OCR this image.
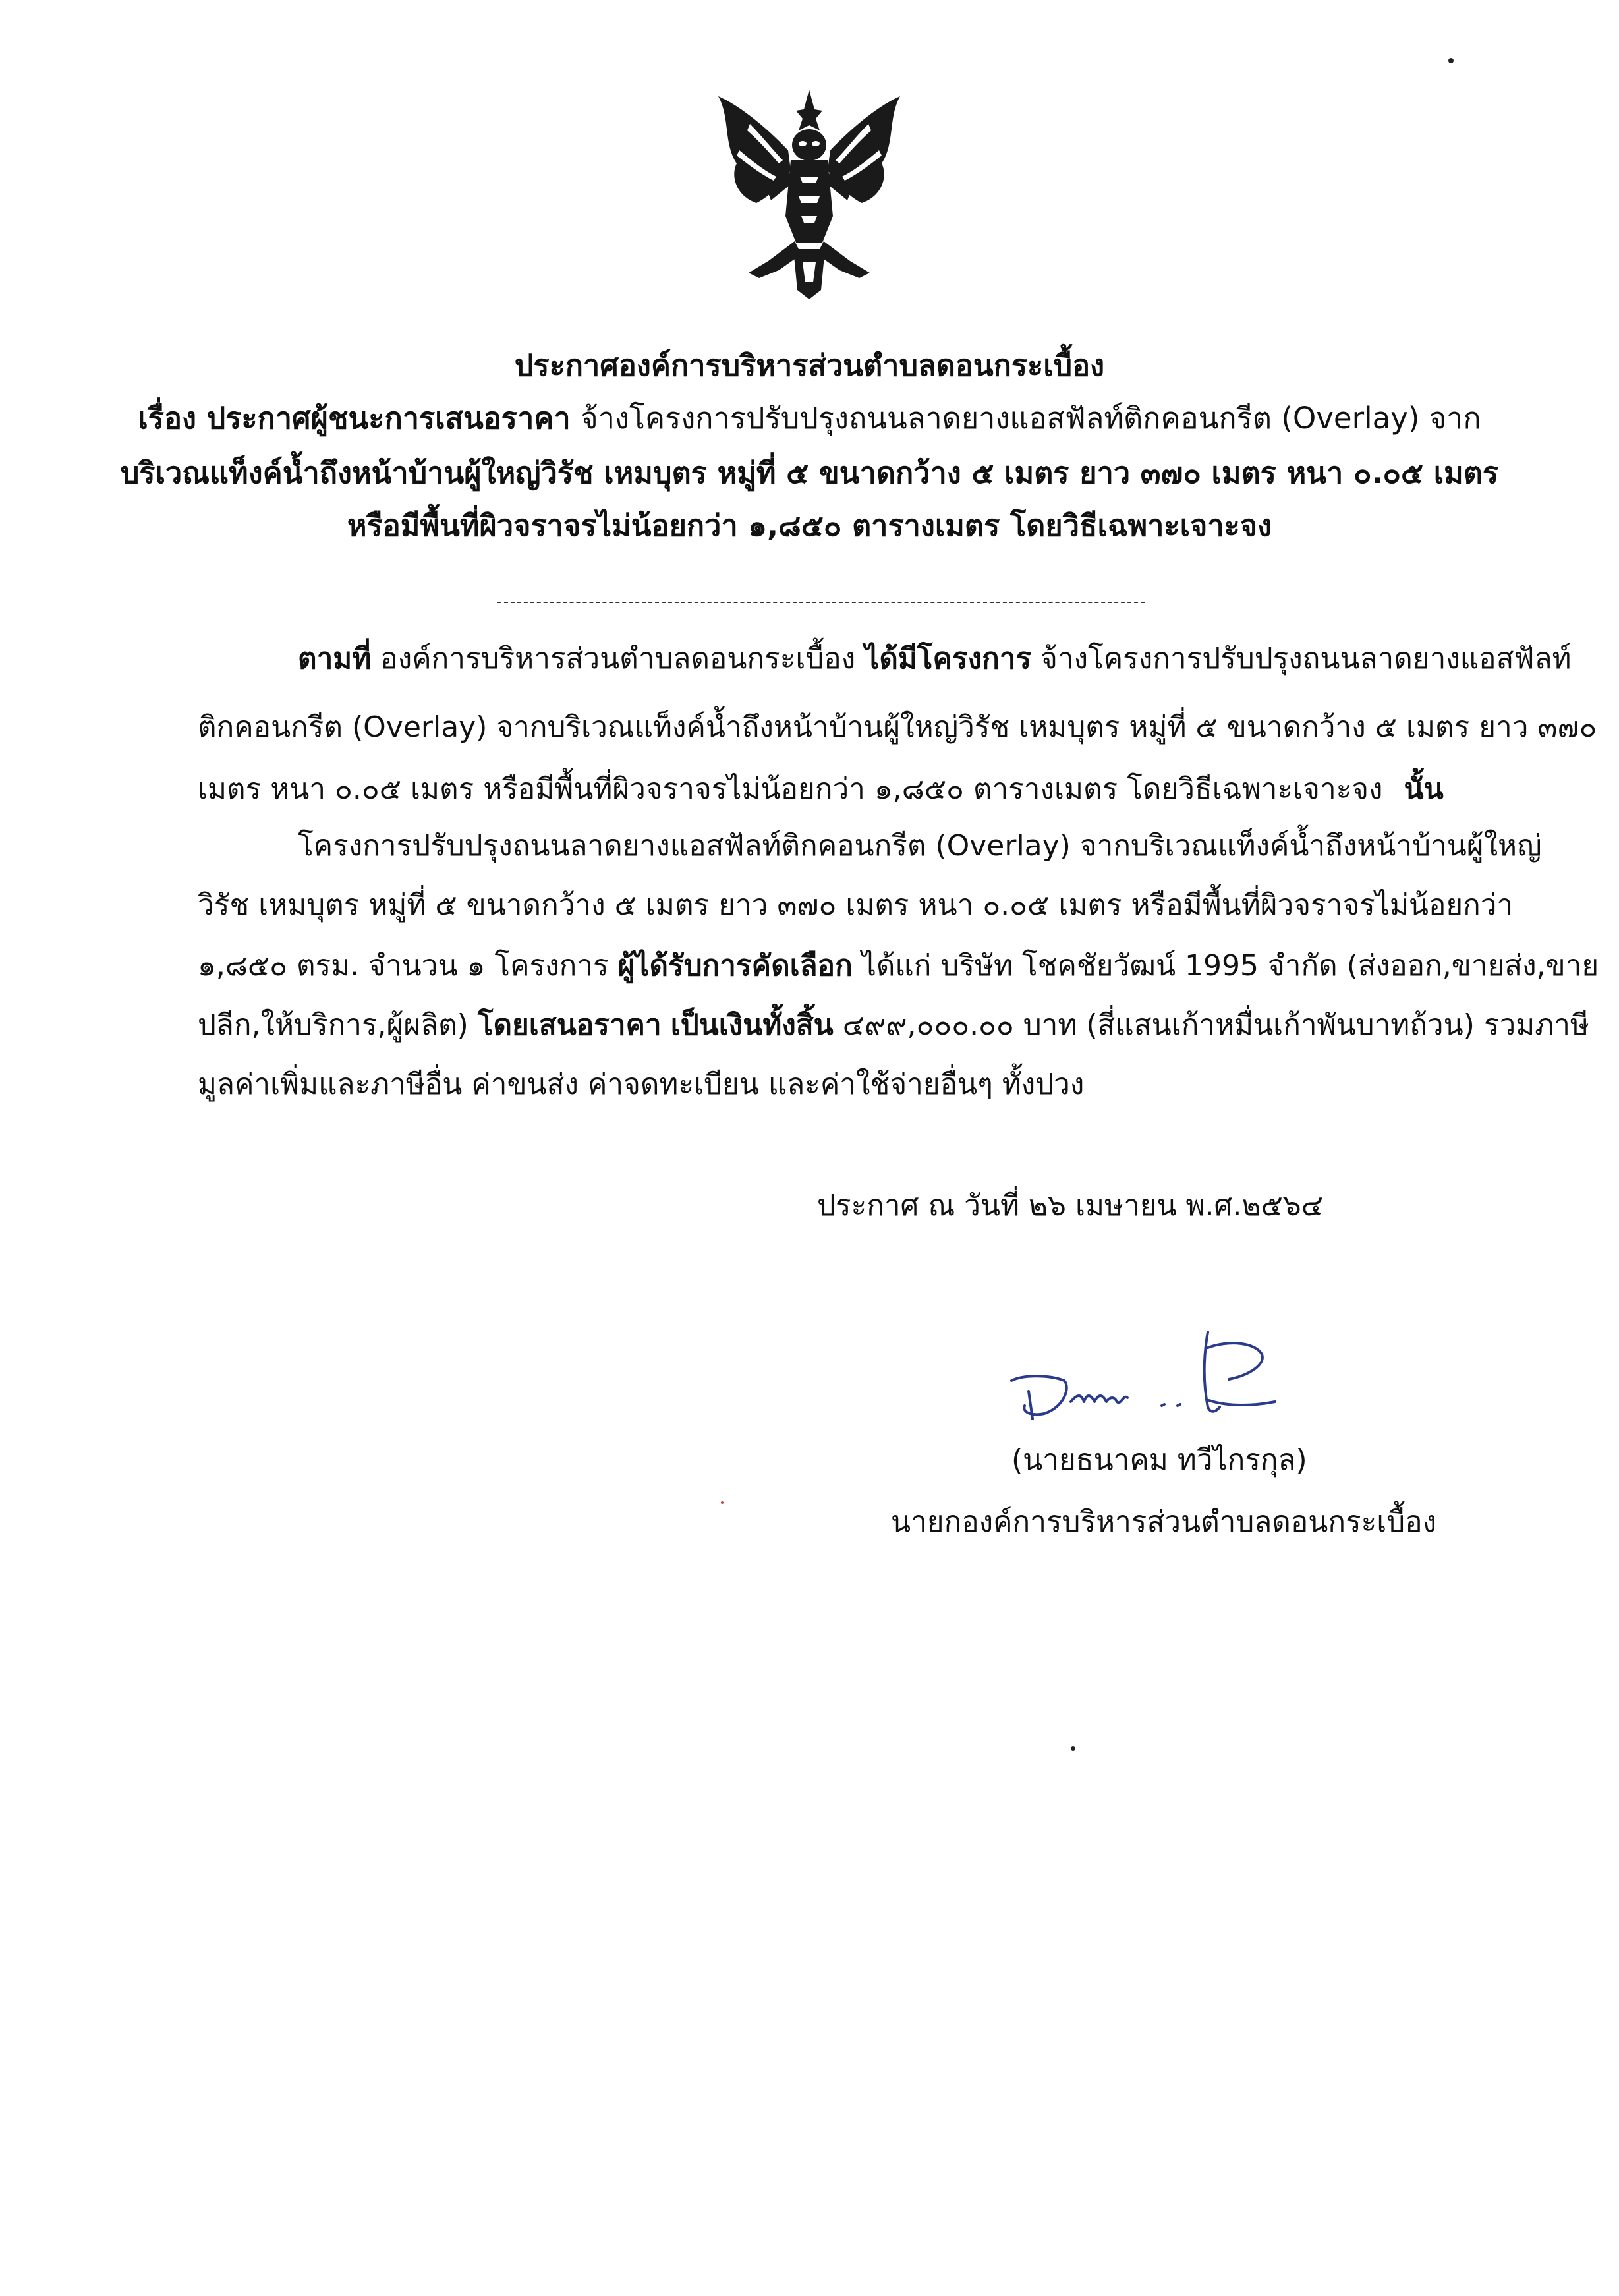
ประกาศองค์การบริหารส่วนตำบลดอนกระเบื้อง
เรื่อง ประกาศผู้ชนะการเสนอราคา จ้างโครงการปรับปรุงถนนลาดยางแอสฟัลท์ติกคอนกรีต (Overlay) จาก
บริเวณแท็งค์น้ำถึงหน้าบ้านผู้ใหญ่วิรัช เหมบุตร หมู่ที่ ๕ ขนาดกว้าง ๕ เมตร ยาว ๓๗๐ เมตร หนา ๐.๐๕ เมตร
หรือมีพื้นที่ผิวจราจรไม่น้อยกว่า ๑,๘๕๐ ตารางเมตร โดยวิธีเฉพาะเจาะจง
ตามที่ องค์การบริหารส่วนตำบลดอนกระเบื้อง ได้มีโครงการ จ้างโครงการปรับปรุงถนนลาดยางแอสฟัลท์
ติกคอนกรีต (Overlay) จากบริเวณแท็งค์น้ำถึงหน้าบ้านผู้ใหญ่วิรัช เหมบุตร หมู่ที่ ๕ ขนาดกว้าง ๕ เมตร ยาว ๓๗๐
เมตร หนา ๐.๐๕ เมตร หรือมีพื้นที่ผิวจราจรไม่น้อยกว่า ๑,๘๕๐ ตารางเมตร โดยวิธีเฉพาะเจาะจง นั้น
โครงการปรับปรุงถนนลาดยางแอสฟัลท์ติกคอนกรีต (Overlay) จากบริเวณแท็งค์น้ำถึงหน้าบ้านผู้ใหญ่
วิรัช เหมบุตร หมู่ที่ ๕ ขนาดกว้าง ๕ เมตร ยาว ๓๗๐ เมตร หนา ๐.๐๕ เมตร หรือมีพื้นที่ผิวจราจรไม่น้อยกว่า
๑,๘๕๐ ตรม. จำนวน ๑ โครงการ ผู้ได้รับการคัดเลือก ได้แก่ บริษัท โชคชัยวัฒน์ 1995 จำกัด (ส่งออก,ขายส่ง,ขาย
ปลีก,ให้บริการ,ผู้ผลิต) โดยเสนอราคา เป็นเงินทั้งสิ้น ๔๙๙,๐๐๐.๐๐ บาท (สี่แสนเก้าหมื่นเก้าพันบาทถ้วน) รวมภาษี
มูลค่าเพิ่มและภาษีอื่น ค่าขนส่ง ค่าจดทะเบียน และค่าใช้จ่ายอื่นๆ ทั้งปวง
ประกาศ ณ วันที่ ๒๖ เมษายน พ.ศ.๒๕๖๔
(นายธนาคม ทวีไกรกุล)
นายกองค์การบริหารส่วนตำบลดอนกระเบื้อง
